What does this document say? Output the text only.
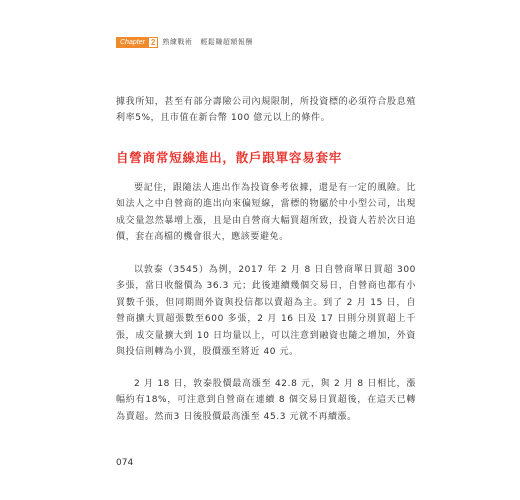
Chapter 2	熟練戰術 輕鬆賺超額報酬

據我所知，甚至有部分壽險公司內規限制，所投資標的必須符合股息殖利率5%，且市值在新台幣 100 億元以上的條件。

自營商常短線進出，散戶跟單容易套牢

要記住，跟隨法人進出作為投資參考依據，還是有一定的風險。比如法人之中自營商的進出向來偏短線，當標的物屬於中小型公司，出現成交量忽然暴增上漲，且是由自營商大幅買超所致，投資人若於次日追價，套在高檔的機會很大，應該要避免。

以敦泰（3545）為例，2017 年 2 月 8 日自營商單日買超 300 多張，當日收盤價為 36.3 元；此後連續幾個交易日，自營商也都有小買數千張，但同期間外資與投信都以賣超為主。到了 2 月 15 日，自營商擴大買超張數至600 多張，2 月 16 日及 17 日則分別買超上千張，成交量擴大到 10 日均量以上，可以注意到融資也隨之增加，外資與投信則轉為小買，股價漲至將近 40 元。

2 月 18 日，敦泰股價最高漲至 42.8 元，與 2 月 8 日相比，漲幅約有18%，可注意到自營商在連續 8 個交易日買超後，在這天已轉為賣超。然而3 日後股價最高漲至 45.3 元就不再續漲。

074
